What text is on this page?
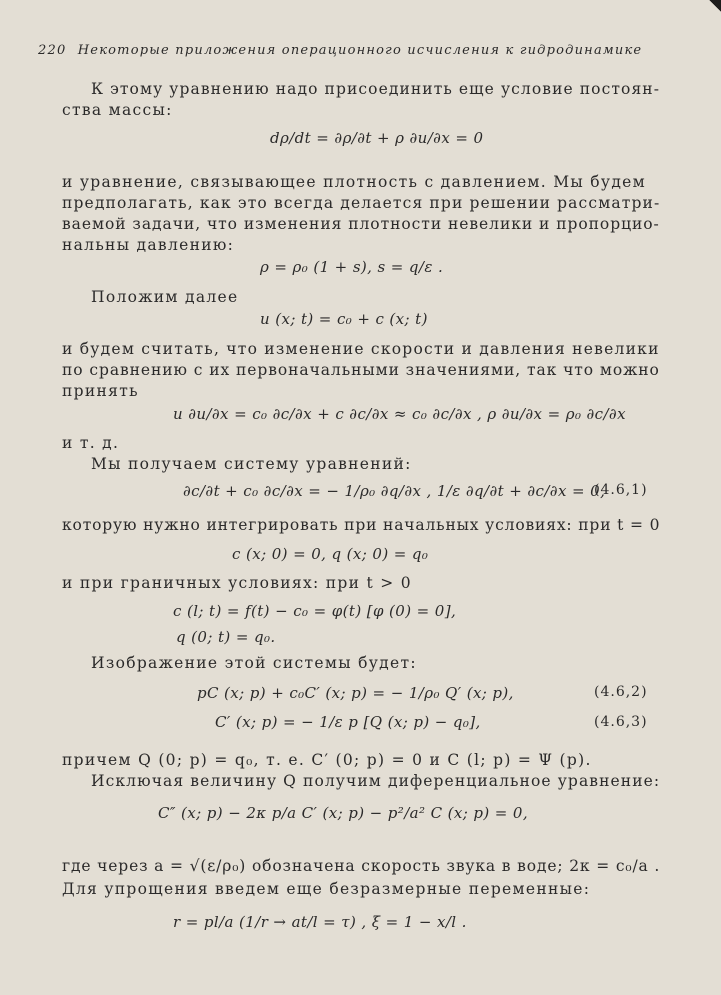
220 Некоторые приложения операционного исчисления к гидродинамике
К этому уравнению надо присоединить еще условие постоян-
ства массы:
dρ/dt = ∂ρ/∂t + ρ ∂u/∂x = 0
и уравнение, связывающее плотность с давлением. Мы будем
предполагать, как это всегда делается при решении рассматри-
ваемой задачи, что изменения плотности невелики и пропорцио-
нальны давлению:
ρ = ρ₀ (1 + s), s = q/ε .
Положим далее
u (x; t) = c₀ + c (x; t)
и будем считать, что изменение скорости и давления невелики
по сравнению с их первоначальными значениями, так что можно
принять
u ∂u/∂x = c₀ ∂c/∂x + c ∂c/∂x ≈ c₀ ∂c/∂x , ρ ∂u/∂x = ρ₀ ∂c/∂x
и т. д.
Мы получаем систему уравнений:
∂c/∂t + c₀ ∂c/∂x = − 1/ρ₀ ∂q/∂x , 1/ε ∂q/∂t + ∂c/∂x = 0,
(4.6,1)
которую нужно интегрировать при начальных условиях: при t = 0
c (x; 0) = 0, q (x; 0) = q₀
и при граничных условиях: при t > 0
c (l; t) = f(t) − c₀ = φ(t) [φ (0) = 0],
q (0; t) = q₀.
Изображение этой системы будет:
pC (x; p) + c₀C′ (x; p) = − 1/ρ₀ Q′ (x; p),	(4.6,2)
C′ (x; p) = − 1/ε p [Q (x; p) − q₀],	(4.6,3)
причем Q (0; p) = q₀, т. е. C′ (0; p) = 0 и C (l; p) = Ψ (p).
Исключая величину Q получим диференциальное уравнение:
C″ (x; p) − 2κ p/a C′ (x; p) − p²/a² C (x; p) = 0,
где через a = √(ε/ρ₀) обозначена скорость звука в воде; 2κ = c₀/a .
Для упрощения введем еще безразмерные переменные:
r = pl/a (1/r → at/l = τ) , ξ = 1 − x/l .
